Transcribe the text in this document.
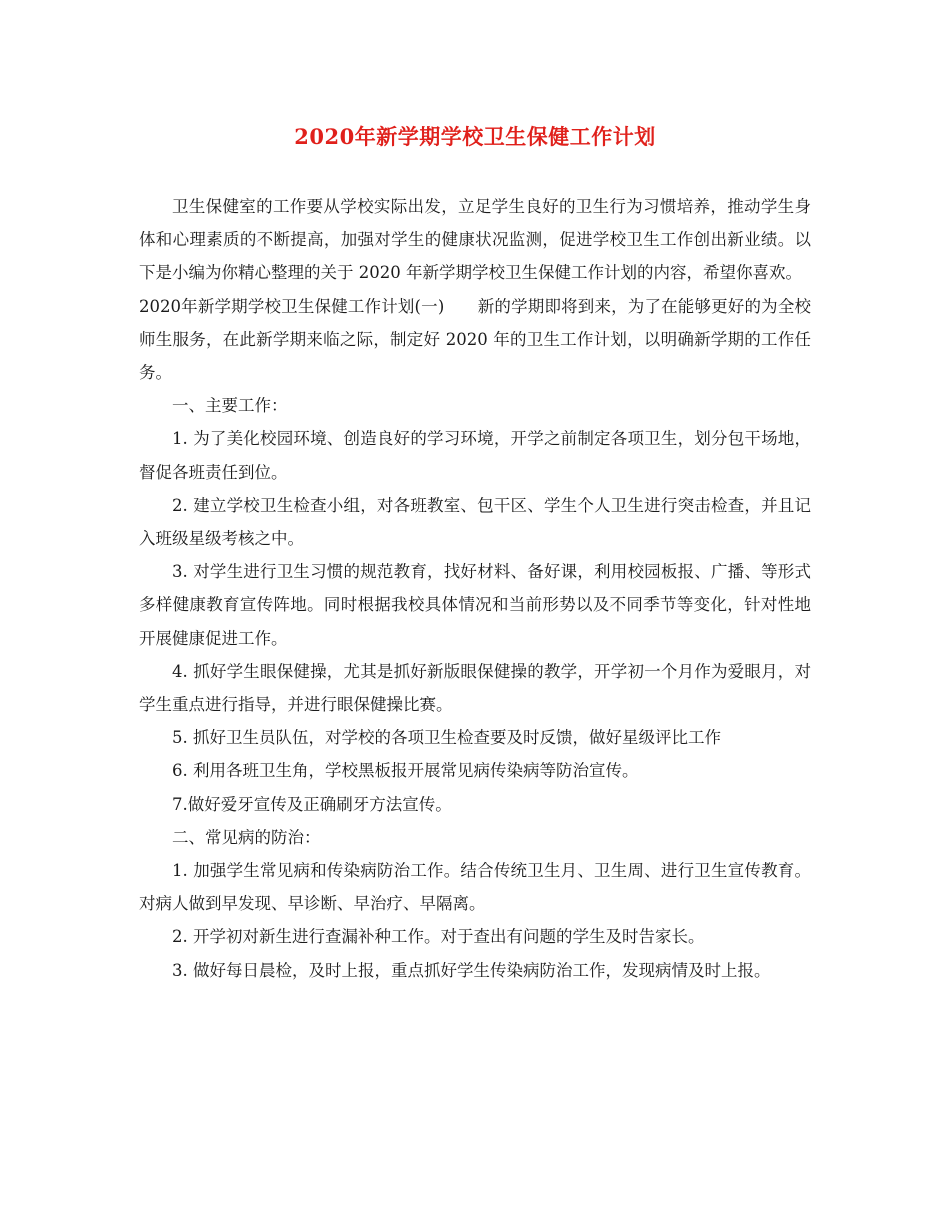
2020年新学期学校卫生保健工作计划

卫生保健室的工作要从学校实际出发，立足学生良好的卫生行为习惯培养，推动学生身体和心理素质的不断提高，加强对学生的健康状况监测，促进学校卫生工作创出新业绩。以下是小编为你精心整理的关于 2020 年新学期学校卫生保健工作计划的内容，希望你喜欢。

2020年新学期学校卫生保健工作计划(一)　　新的学期即将到来，为了在能够更好的为全校师生服务，在此新学期来临之际，制定好 2020 年的卫生工作计划，以明确新学期的工作任务。

一、主要工作：

1. 为了美化校园环境、创造良好的学习环境，开学之前制定各项卫生，划分包干场地，督促各班责任到位。

2. 建立学校卫生检查小组，对各班教室、包干区、学生个人卫生进行突击检查，并且记入班级星级考核之中。

3. 对学生进行卫生习惯的规范教育，找好材料、备好课，利用校园板报、广播、等形式多样健康教育宣传阵地。同时根据我校具体情况和当前形势以及不同季节等变化，针对性地开展健康促进工作。

4. 抓好学生眼保健操，尤其是抓好新版眼保健操的教学，开学初一个月作为爱眼月，对学生重点进行指导，并进行眼保健操比赛。

5. 抓好卫生员队伍，对学校的各项卫生检查要及时反馈，做好星级评比工作

6. 利用各班卫生角，学校黑板报开展常见病传染病等防治宣传。

7.做好爱牙宣传及正确刷牙方法宣传。

二、常见病的防治：

1. 加强学生常见病和传染病防治工作。结合传统卫生月、卫生周、进行卫生宣传教育。对病人做到早发现、早诊断、早治疗、早隔离。

2. 开学初对新生进行查漏补种工作。对于查出有问题的学生及时告家长。

3. 做好每日晨检，及时上报，重点抓好学生传染病防治工作，发现病情及时上报。
